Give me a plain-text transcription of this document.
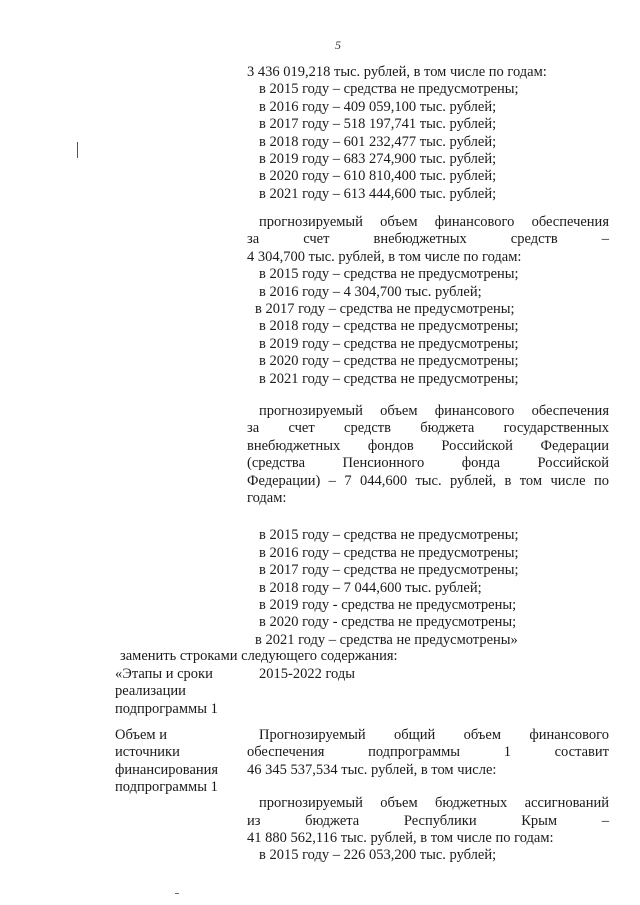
5
3 436 019,218 тыс. рублей, в том числе по годам:
в 2015 году – средства не предусмотрены;
в 2016 году – 409 059,100 тыс. рублей;
в 2017 году – 518 197,741 тыс. рублей;
в 2018 году – 601 232,477 тыс. рублей;
в 2019 году – 683 274,900 тыс. рублей;
в 2020 году – 610 810,400 тыс. рублей;
в 2021 году – 613 444,600 тыс. рублей;
прогнозируемый объем финансового обеспечения
за счет внебюджетных средств –
4 304,700 тыс. рублей, в том числе по годам:
в 2015 году – средства не предусмотрены;
в 2016 году – 4 304,700 тыс. рублей;
в 2017 году – средства не предусмотрены;
в 2018 году – средства не предусмотрены;
в 2019 году – средства не предусмотрены;
в 2020 году – средства не предусмотрены;
в 2021 году – средства не предусмотрены;
прогнозируемый объем финансового обеспечения
за счет средств бюджета государственных
внебюджетных фондов Российской Федерации
(средства Пенсионного фонда Российской
Федерации) – 7 044,600 тыс. рублей, в том числе по
годам:
в 2015 году – средства не предусмотрены;
в 2016 году – средства не предусмотрены;
в 2017 году – средства не предусмотрены;
в 2018 году – 7 044,600 тыс. рублей;
в 2019 году - средства не предусмотрены;
в 2020 году - средства не предусмотрены;
в 2021 году – средства не предусмотрены»
заменить строками следующего содержания:
«Этапы и сроки
реализации
подпрограммы 1
2015-2022 годы
Объем и
источники
финансирования
подпрограммы 1
Прогнозируемый общий объем финансового
обеспечения подпрограммы 1 составит
46 345 537,534 тыс. рублей, в том числе:
прогнозируемый объем бюджетных ассигнований
из бюджета Республики Крым –
41 880 562,116 тыс. рублей, в том числе по годам:
в 2015 году – 226 053,200 тыс. рублей;
